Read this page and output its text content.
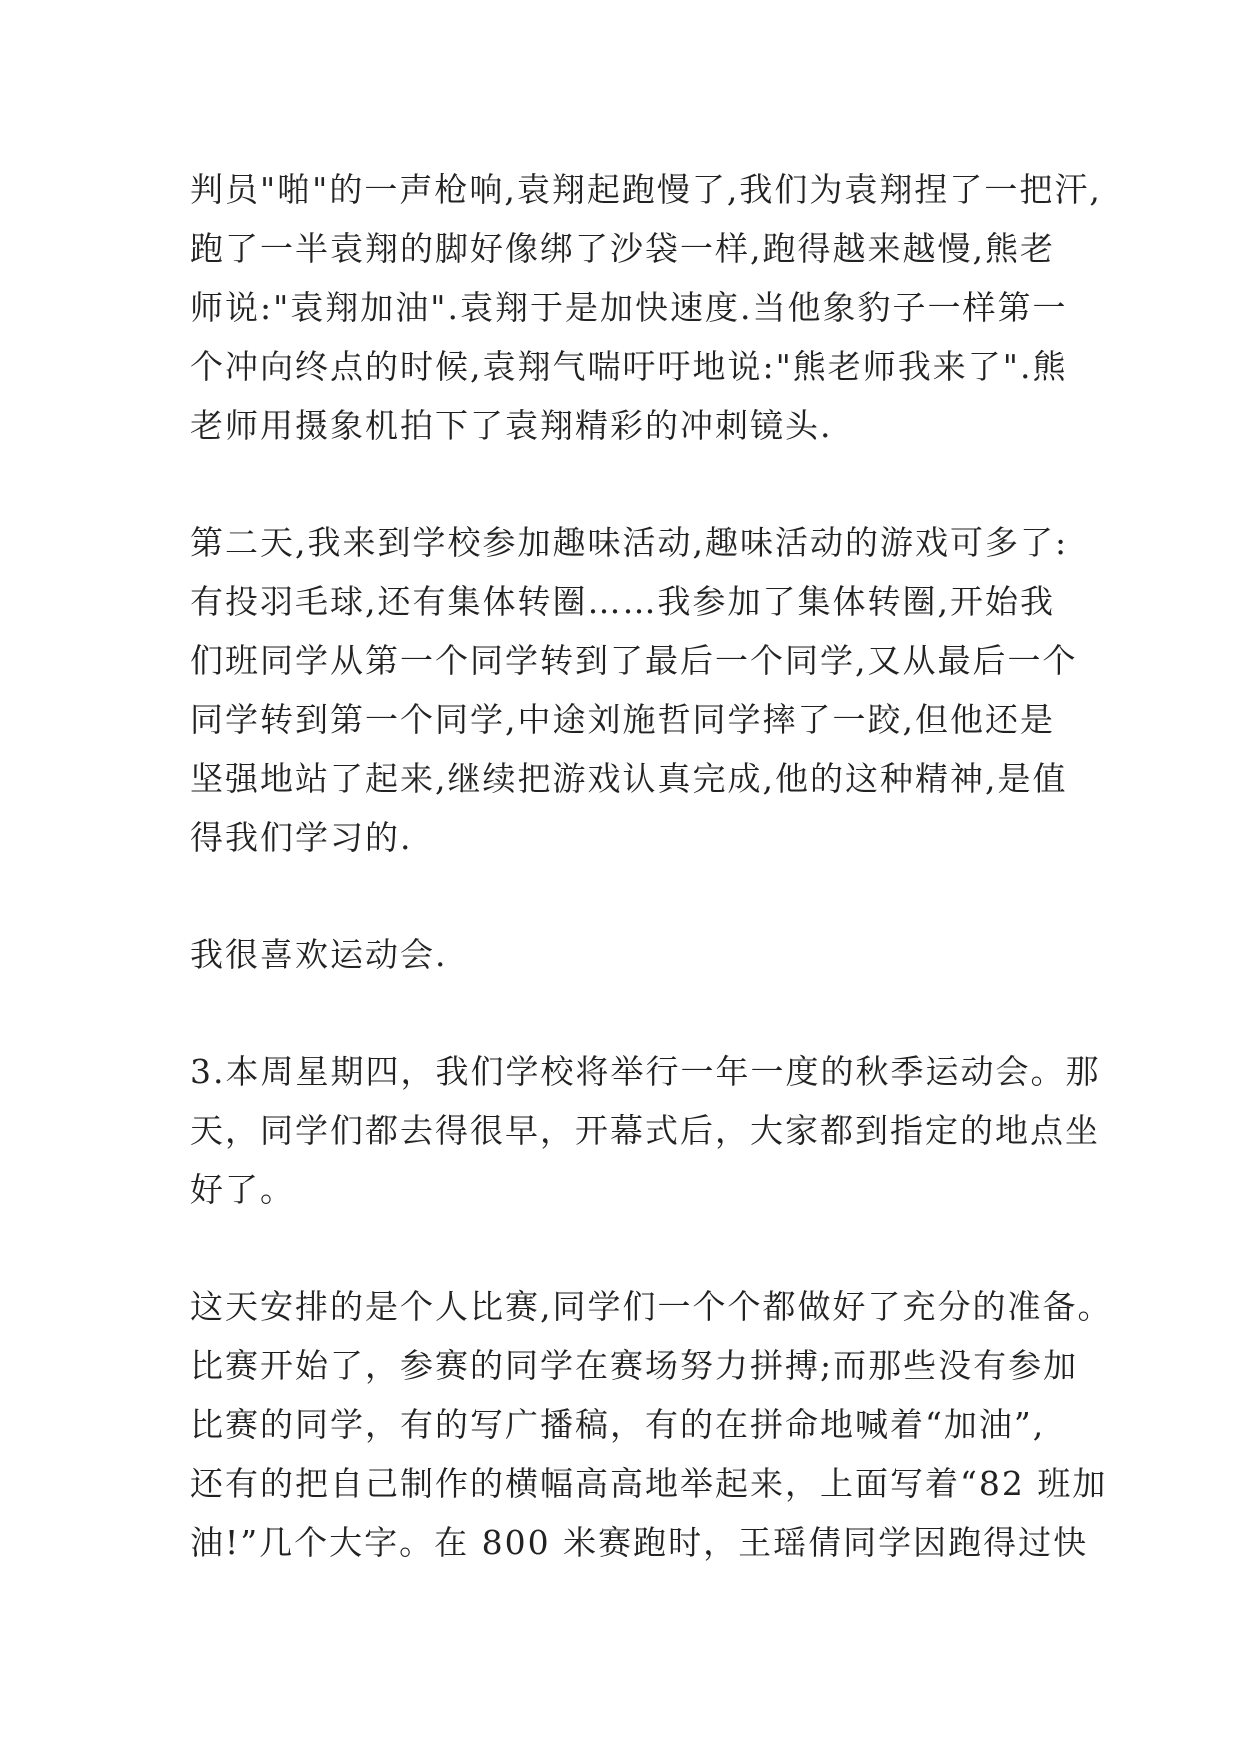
判员"啪"的一声枪响,袁翔起跑慢了,我们为袁翔捏了一把汗,
跑了一半袁翔的脚好像绑了沙袋一样,跑得越来越慢,熊老
师说:"袁翔加油".袁翔于是加快速度.当他象豹子一样第一
个冲向终点的时候,袁翔气喘吁吁地说:"熊老师我来了".熊
老师用摄象机拍下了袁翔精彩的冲刺镜头.
第二天,我来到学校参加趣味活动,趣味活动的游戏可多了:
有投羽毛球,还有集体转圈……我参加了集体转圈,开始我
们班同学从第一个同学转到了最后一个同学,又从最后一个
同学转到第一个同学,中途刘施哲同学摔了一跤,但他还是
坚强地站了起来,继续把游戏认真完成,他的这种精神,是值
得我们学习的.
我很喜欢运动会.
3.本周星期四，我们学校将举行一年一度的秋季运动会。那
天，同学们都去得很早，开幕式后，大家都到指定的地点坐
好了。
这天安排的是个人比赛,同学们一个个都做好了充分的准备。
比赛开始了，参赛的同学在赛场努力拼搏;而那些没有参加
比赛的同学，有的写广播稿，有的在拼命地喊着“加油”,
还有的把自己制作的横幅高高地举起来，上面写着“82 班加
油!”几个大字。在 800 米赛跑时，王瑶倩同学因跑得过快
